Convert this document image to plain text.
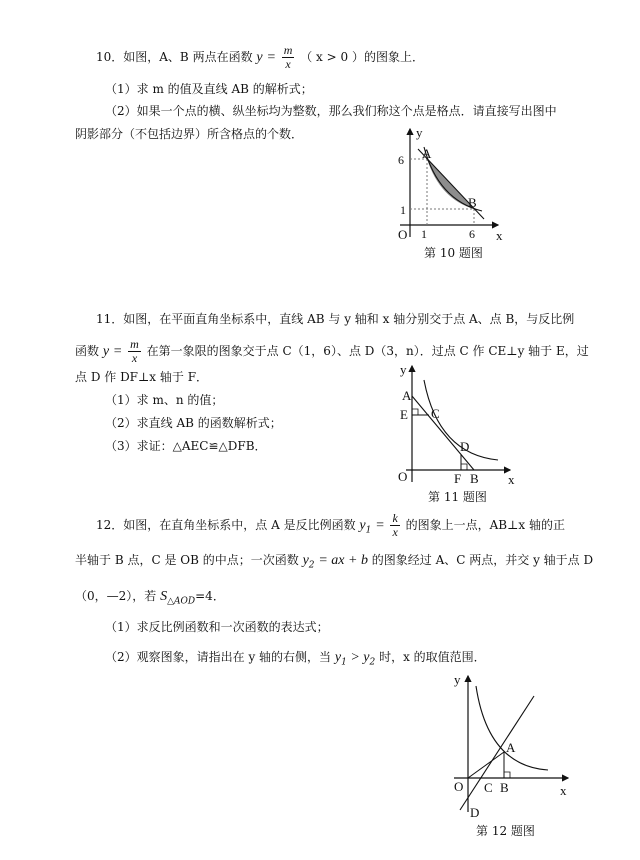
10．如图，A、B 两点在函数 $y = \frac{m}{x}$ （ x > 0 ）的图象上．
（1）求 m 的值及直线 AB 的解析式；
（2）如果一个点的横、纵坐标均为整数，那么我们称这个点是格点．请直接写出图中
阴影部分（不包括边界）所含格点的个数．	y
x
O
6
1
1	6
A
B
第 10 题图
11．如图，在平面直角坐标系中，直线 AB 与 y 轴和 x 轴分别交于点 A、点 B，与反比例
函数 $y = \frac{m}{x}$ 在第一象限的图象交于点 C（1，6）、点 D（3，n）．过点 C 作 CE⊥y 轴于 E，过
点 D 作 DF⊥x 轴于 F．
（1）求 m、n 的值；
（2）求直线 AB 的函数解析式；
（3）求证：△AEC≌△DFB．
y
x
O
A
E C
D
F B
第 11 题图
12．如图，在直角坐标系中，点 A 是反比例函数 $y_1 = \frac{k}{x}$ 的图象上一点，AB⊥x 轴的正
半轴于 B 点，C 是 OB 的中点；一次函数 $y_2$ = ax + b 的图象经过 A、C 两点，并交 y 轴于点 D
（0，—2），若 $S_{\triangle AOD}=4$．
（1）求反比例函数和一次函数的表达式；
（2）观察图象，请指出在 y 轴的右侧，当 $y_1 > y_2$ 时，x 的取值范围．
y
x
O
A
C B
D
第 12 题图
